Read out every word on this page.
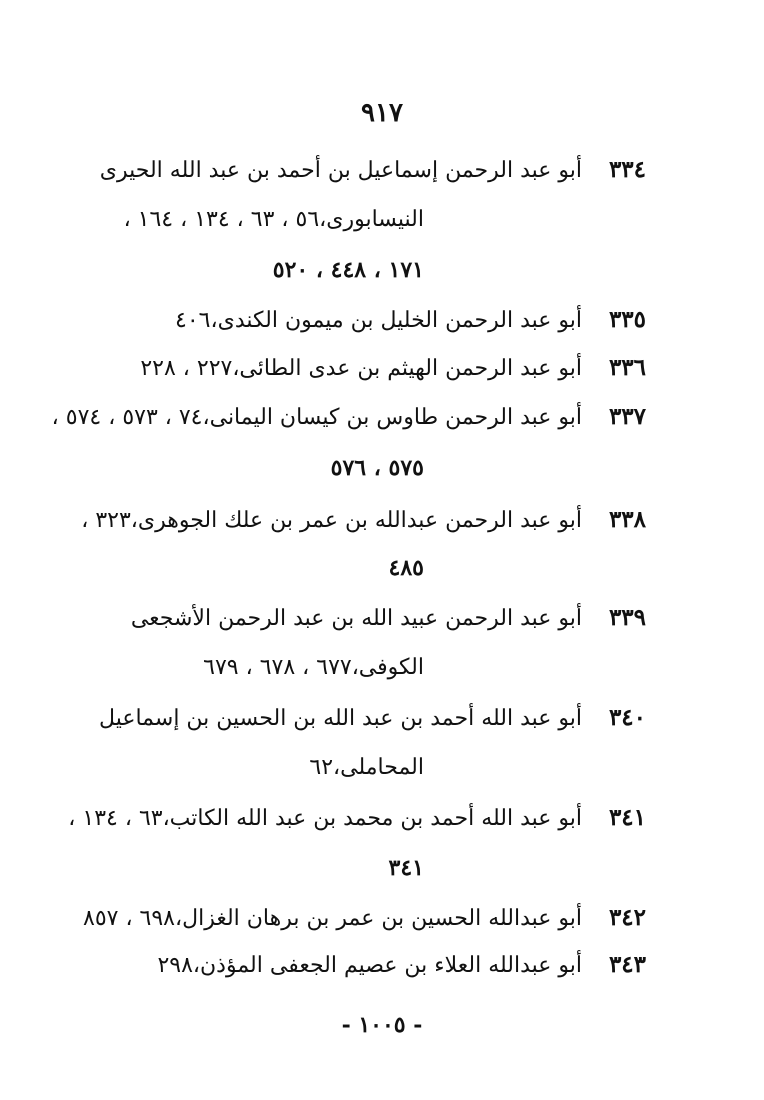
٩١٧
٣٣٤أبو عبد الرحمن إسماعيل بن أحمد بن عبد الله الحيرى
النيسابورى،٥٦ ، ٦٣ ، ١٣٤ ، ١٦٤ ،
١٧١ ، ٤٤٨ ، ٥٢٠
٣٣٥أبو عبد الرحمن الخليل بن ميمون الكندى،٤٠٦
٣٣٦أبو عبد الرحمن الهيثم بن عدى الطائى،٢٢٧ ، ٢٢٨
٣٣٧أبو عبد الرحمن طاوس بن كيسان اليمانى،٧٤ ، ٥٧٣ ، ٥٧٤ ،
٥٧٥ ، ٥٧٦
٣٣٨أبو عبد الرحمن عبدالله بن عمر بن علك الجوهرى،٣٢٣ ،
٤٨٥
٣٣٩أبو عبد الرحمن عبيد الله بن عبد الرحمن الأشجعى
الكوفى،٦٧٧ ، ٦٧٨ ، ٦٧٩
٣٤٠أبو عبد الله أحمد بن عبد الله بن الحسين بن إسماعيل
المحاملى،٦٢
٣٤١أبو عبد الله أحمد بن محمد بن عبد الله الكاتب،٦٣ ، ١٣٤ ،
٣٤١
٣٤٢أبو عبدالله الحسين بن عمر بن برهان الغزال،٦٩٨ ، ٨٥٧
٣٤٣أبو عبدالله العلاء بن عصيم الجعفى المؤذن،٢٩٨
- ١٠٠٥ -
